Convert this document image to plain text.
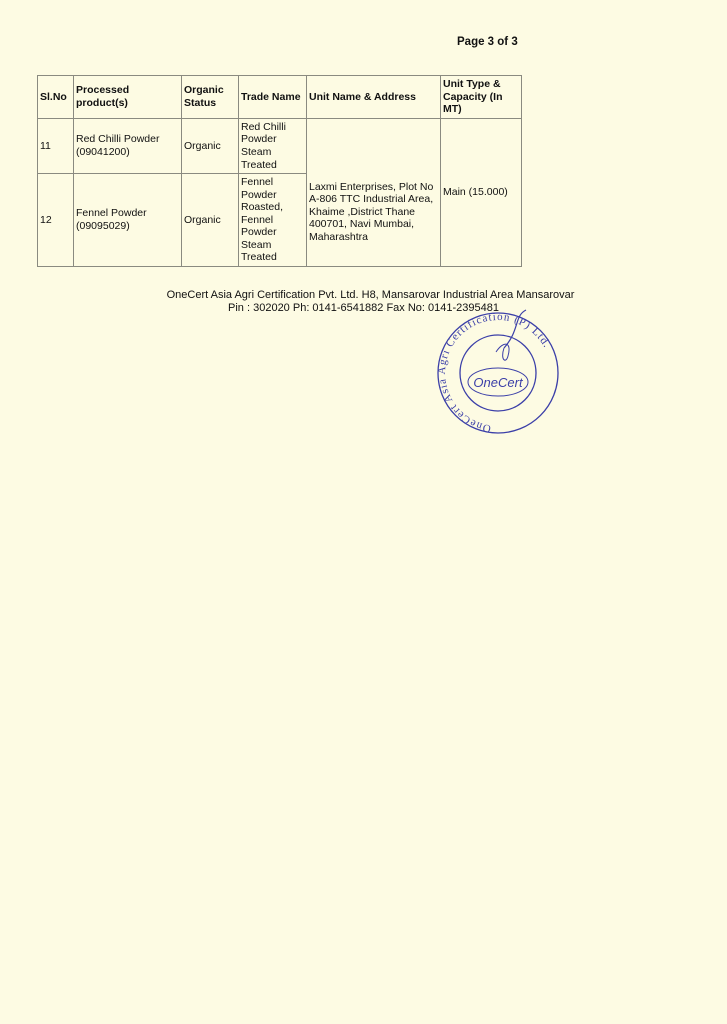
Page 3 of 3
Sl.No	Processed product(s)	Organic Status	Trade Name	Unit Name & Address	Unit Type & Capacity (In MT)
11	Red Chilli Powder (09041200)	Organic	Red Chilli Powder Steam Treated	Laxmi Enterprises, Plot No A-806 TTC Industrial Area, Khaime ,District Thane 400701, Navi Mumbai, Maharashtra	Main (15.000)
12	Fennel Powder (09095029)	Organic	Fennel Powder Roasted, Fennel Powder Steam Treated		
OneCert Asia Agri Certification Pvt. Ltd. H8, Mansarovar Industrial Area Mansarovar
Pin : 302020 Ph: 0141-6541882 Fax No: 0141-2395481
OneCert Asia Agri Certification (P) Ltd.
OneCert
